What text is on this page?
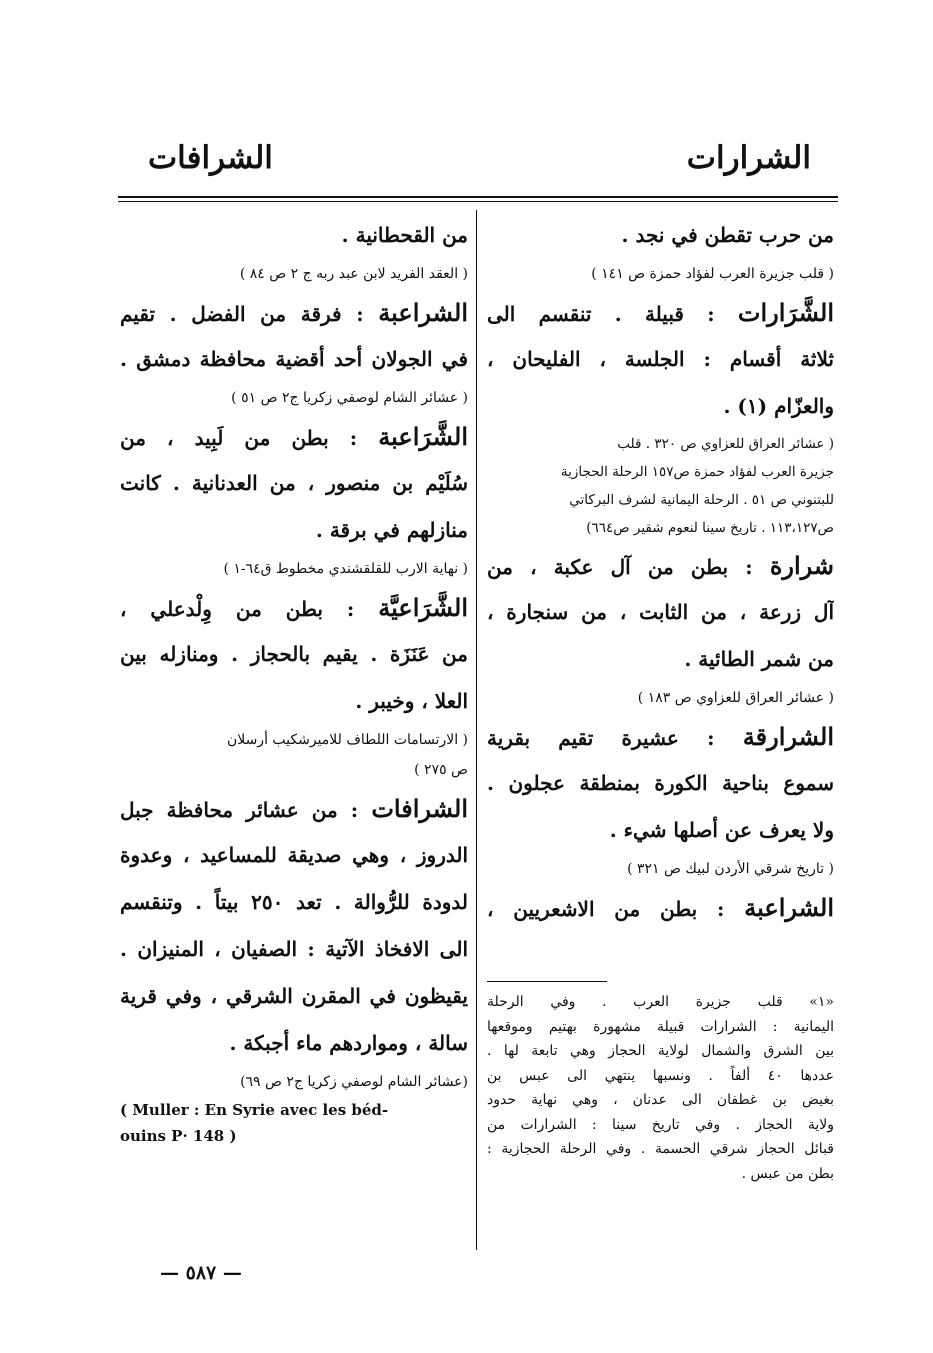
الشرارات
الشرافات
من حرب تقطن في نجد .
( قلب جزيرة العرب لفؤاد حمزة ص ١٤١ )
الشَّرَارات : قبيلة . تنقسم الى
ثلاثة أقسام : الجلسة ، الفليحان ،
والعزّام (١) .
( عشائر العراق للعزاوي ص ٣٢٠ . قلب
جزيرة العرب لفؤاد حمزة ص١٥٧ الرحلة الحجازية
للبتنوني ص ٥١ . الرحلة اليمانية لشرف البركاتي
ص١١٣،١٢٧ . تاريخ سينا لنعوم شقير ص٦٦٤)
شرارة : بطن من آل عكبة ، من
آل زرعة ، من الثابت ، من سنجارة ،
من شمر الطائية .
( عشائر العراق للعزاوي ص ١٨٣ )
الشرارقة : عشيرة تقيم بقرية
سموع بناحية الكورة بمنطقة عجلون .
ولا يعرف عن أصلها شيء .
( تاريخ شرقي الأردن لبيك ص ٣٢١ )
الشراعبة : بطن من الاشعريين ،
«١» قلب جزيرة العرب . وفي الرحلة
اليمانية : الشرارات قبيلة مشهورة بهتيم وموقعها
بين الشرق والشمال لولاية الحجاز وهي تابعة لها .
عددها ٤٠ ألفاً . ونسبها ينتهي الى عبس بن
بغيض بن غطفان الى عدنان ، وهي نهاية حدود
ولاية الحجاز . وفي تاريخ سينا : الشرارات من
قبائل الحجاز شرقي الحسمة . وفي الرحلة الحجازية :
بطن من عبس .
من القحطانية .
( العقد الفريد لابن عبد ربه ج ٢ ص ٨٤ )
الشراعبة : فرقة من الفضل . تقيم
في الجولان أحد أقضية محافظة دمشق .
( عشائر الشام لوصفي زكريا ج٢ ص ٥١ )
الشَّرَاعبة : بطن من لَبِيد ، من
سُلَيْم بن منصور ، من العدنانية . كانت
منازلهم في برقة .
( نهاية الارب للقلقشندي مخطوط ق٦٤-١ )
الشَّرَاعيَّة : بطن من وِلْدعلي ،
من عَنَزَة . يقيم بالحجاز . ومنازله بين
العلا ، وخيبر .
( الارتسامات اللطاف للاميرشكيب أرسلان
ص ٢٧٥ )
الشرافات : من عشائر محافظة جبل
الدروز ، وهي صديقة للمساعيد ، وعدوة
لدودة للرُّوالة . تعد ٢٥٠ بيتاً . وتنقسم
الى الافخاذ الآتية : الصفيان ، المنيزان .
يقيظون في المقرن الشرقي ، وفي قرية
سالة ، ومواردهم ماء أجبكة .
(عشائر الشام لوصفي زكريا ج٢ ص ٦٩)
( Muller : En Syrie avec les béd-
ouins P· 148 )
— ٥٨٧ —
